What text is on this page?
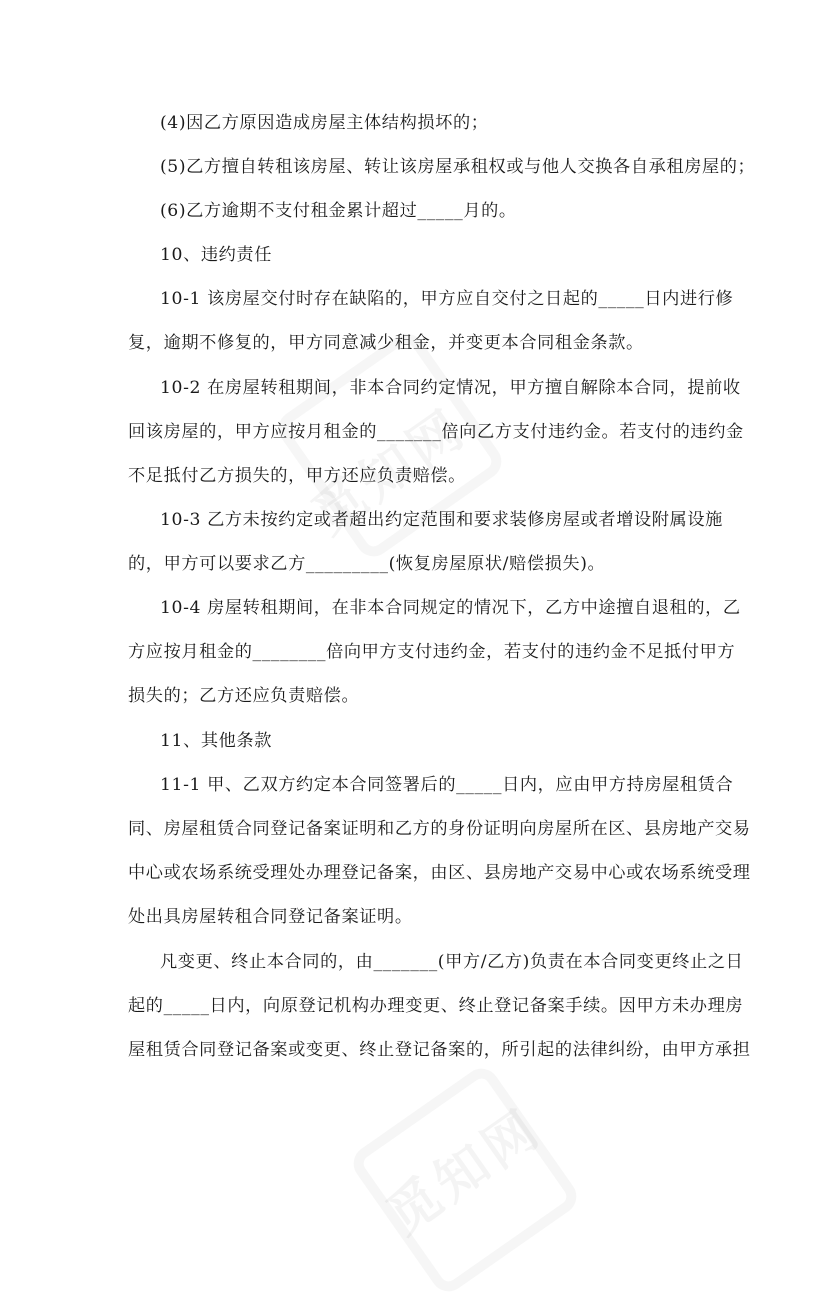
(4)因乙方原因造成房屋主体结构损坏的；
(5)乙方擅自转租该房屋、转让该房屋承租权或与他人交换各自承租房屋的；
(6)乙方逾期不支付租金累计超过_____月的。
10、违约责任
10-1 该房屋交付时存在缺陷的，甲方应自交付之日起的_____日内进行修
复，逾期不修复的，甲方同意减少租金，并变更本合同租金条款。
10-2 在房屋转租期间，非本合同约定情况，甲方擅自解除本合同，提前收
回该房屋的，甲方应按月租金的_______倍向乙方支付违约金。若支付的违约金
不足抵付乙方损失的，甲方还应负责赔偿。
10-3 乙方未按约定或者超出约定范围和要求装修房屋或者增设附属设施
的，甲方可以要求乙方_________(恢复房屋原状/赔偿损失)。
10-4 房屋转租期间，在非本合同规定的情况下，乙方中途擅自退租的，乙
方应按月租金的________倍向甲方支付违约金，若支付的违约金不足抵付甲方
损失的；乙方还应负责赔偿。
11、其他条款
11-1 甲、乙双方约定本合同签署后的_____日内，应由甲方持房屋租赁合
同、房屋租赁合同登记备案证明和乙方的身份证明向房屋所在区、县房地产交易
中心或农场系统受理处办理登记备案，由区、县房地产交易中心或农场系统受理
处出具房屋转租合同登记备案证明。
凡变更、终止本合同的，由_______(甲方/乙方)负责在本合同变更终止之日
起的_____日内，向原登记机构办理变更、终止登记备案手续。因甲方未办理房
屋租赁合同登记备案或变更、终止登记备案的，所引起的法律纠纷，由甲方承担
